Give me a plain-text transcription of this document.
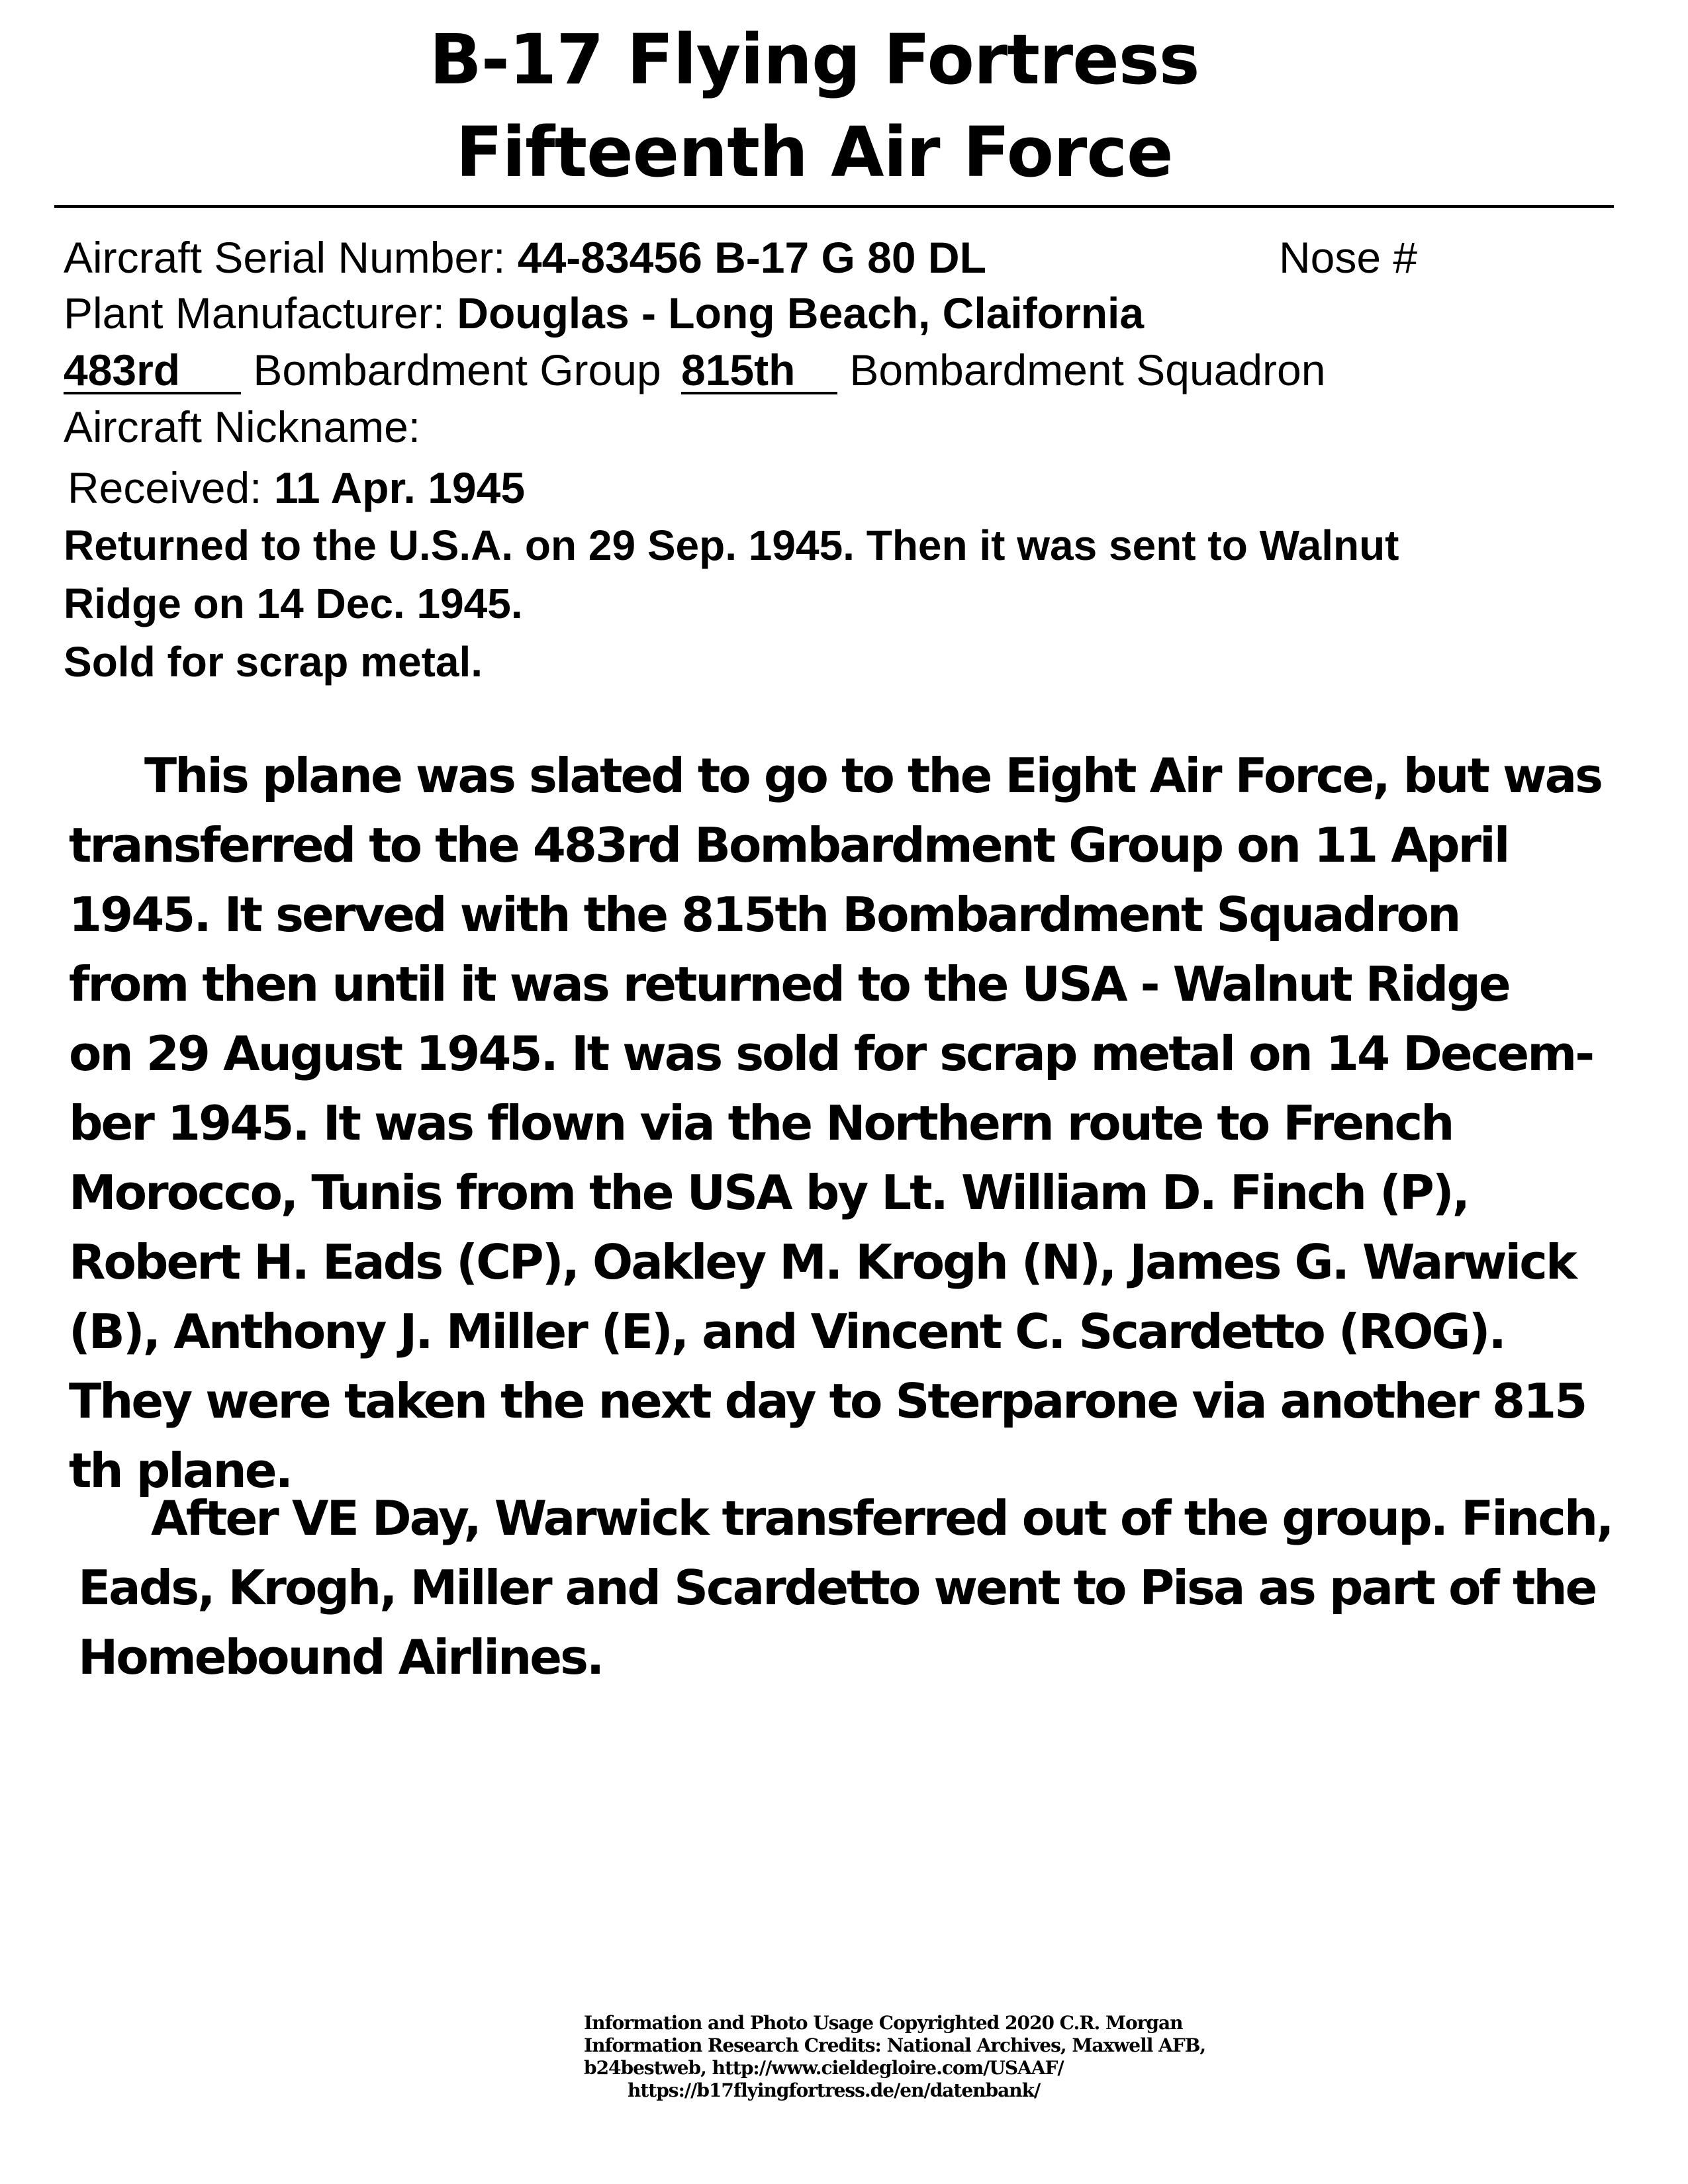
B-17 Flying Fortress
Fifteenth Air Force
Aircraft Serial Number: 44-83456 B-17 G 80 DL	Nose #
Plant Manufacturer: Douglas - Long Beach, Claifornia
483rd Bombardment Group 815th Bombardment Squadron
Aircraft Nickname:
Received: 11 Apr. 1945
Returned to the U.S.A. on 29 Sep. 1945. Then it was sent to Walnut
Ridge on 14 Dec. 1945.
Sold for scrap metal.
This plane was slated to go to the Eight Air Force, but was
transferred to the 483rd Bombardment Group on 11 April
1945. It served with the 815th Bombardment Squadron
from then until it was returned to the USA - Walnut Ridge
on 29 August 1945. It was sold for scrap metal on 14 Decem-
ber 1945. It was flown via the Northern route to French
Morocco, Tunis from the USA by Lt. William D. Finch (P),
Robert H. Eads (CP), Oakley M. Krogh (N), James G. Warwick
(B), Anthony J. Miller (E), and Vincent C. Scardetto (ROG).
They were taken the next day to Sterparone via another 815
th plane.
After VE Day, Warwick transferred out of the group. Finch,
Eads, Krogh, Miller and Scardetto went to Pisa as part of the
Homebound Airlines.
Information and Photo Usage Copyrighted 2020 C.R. Morgan
Information Research Credits: National Archives, Maxwell AFB,
b24bestweb, http://www.cieldegloire.com/USAAF/
https://b17flyingfortress.de/en/datenbank/
